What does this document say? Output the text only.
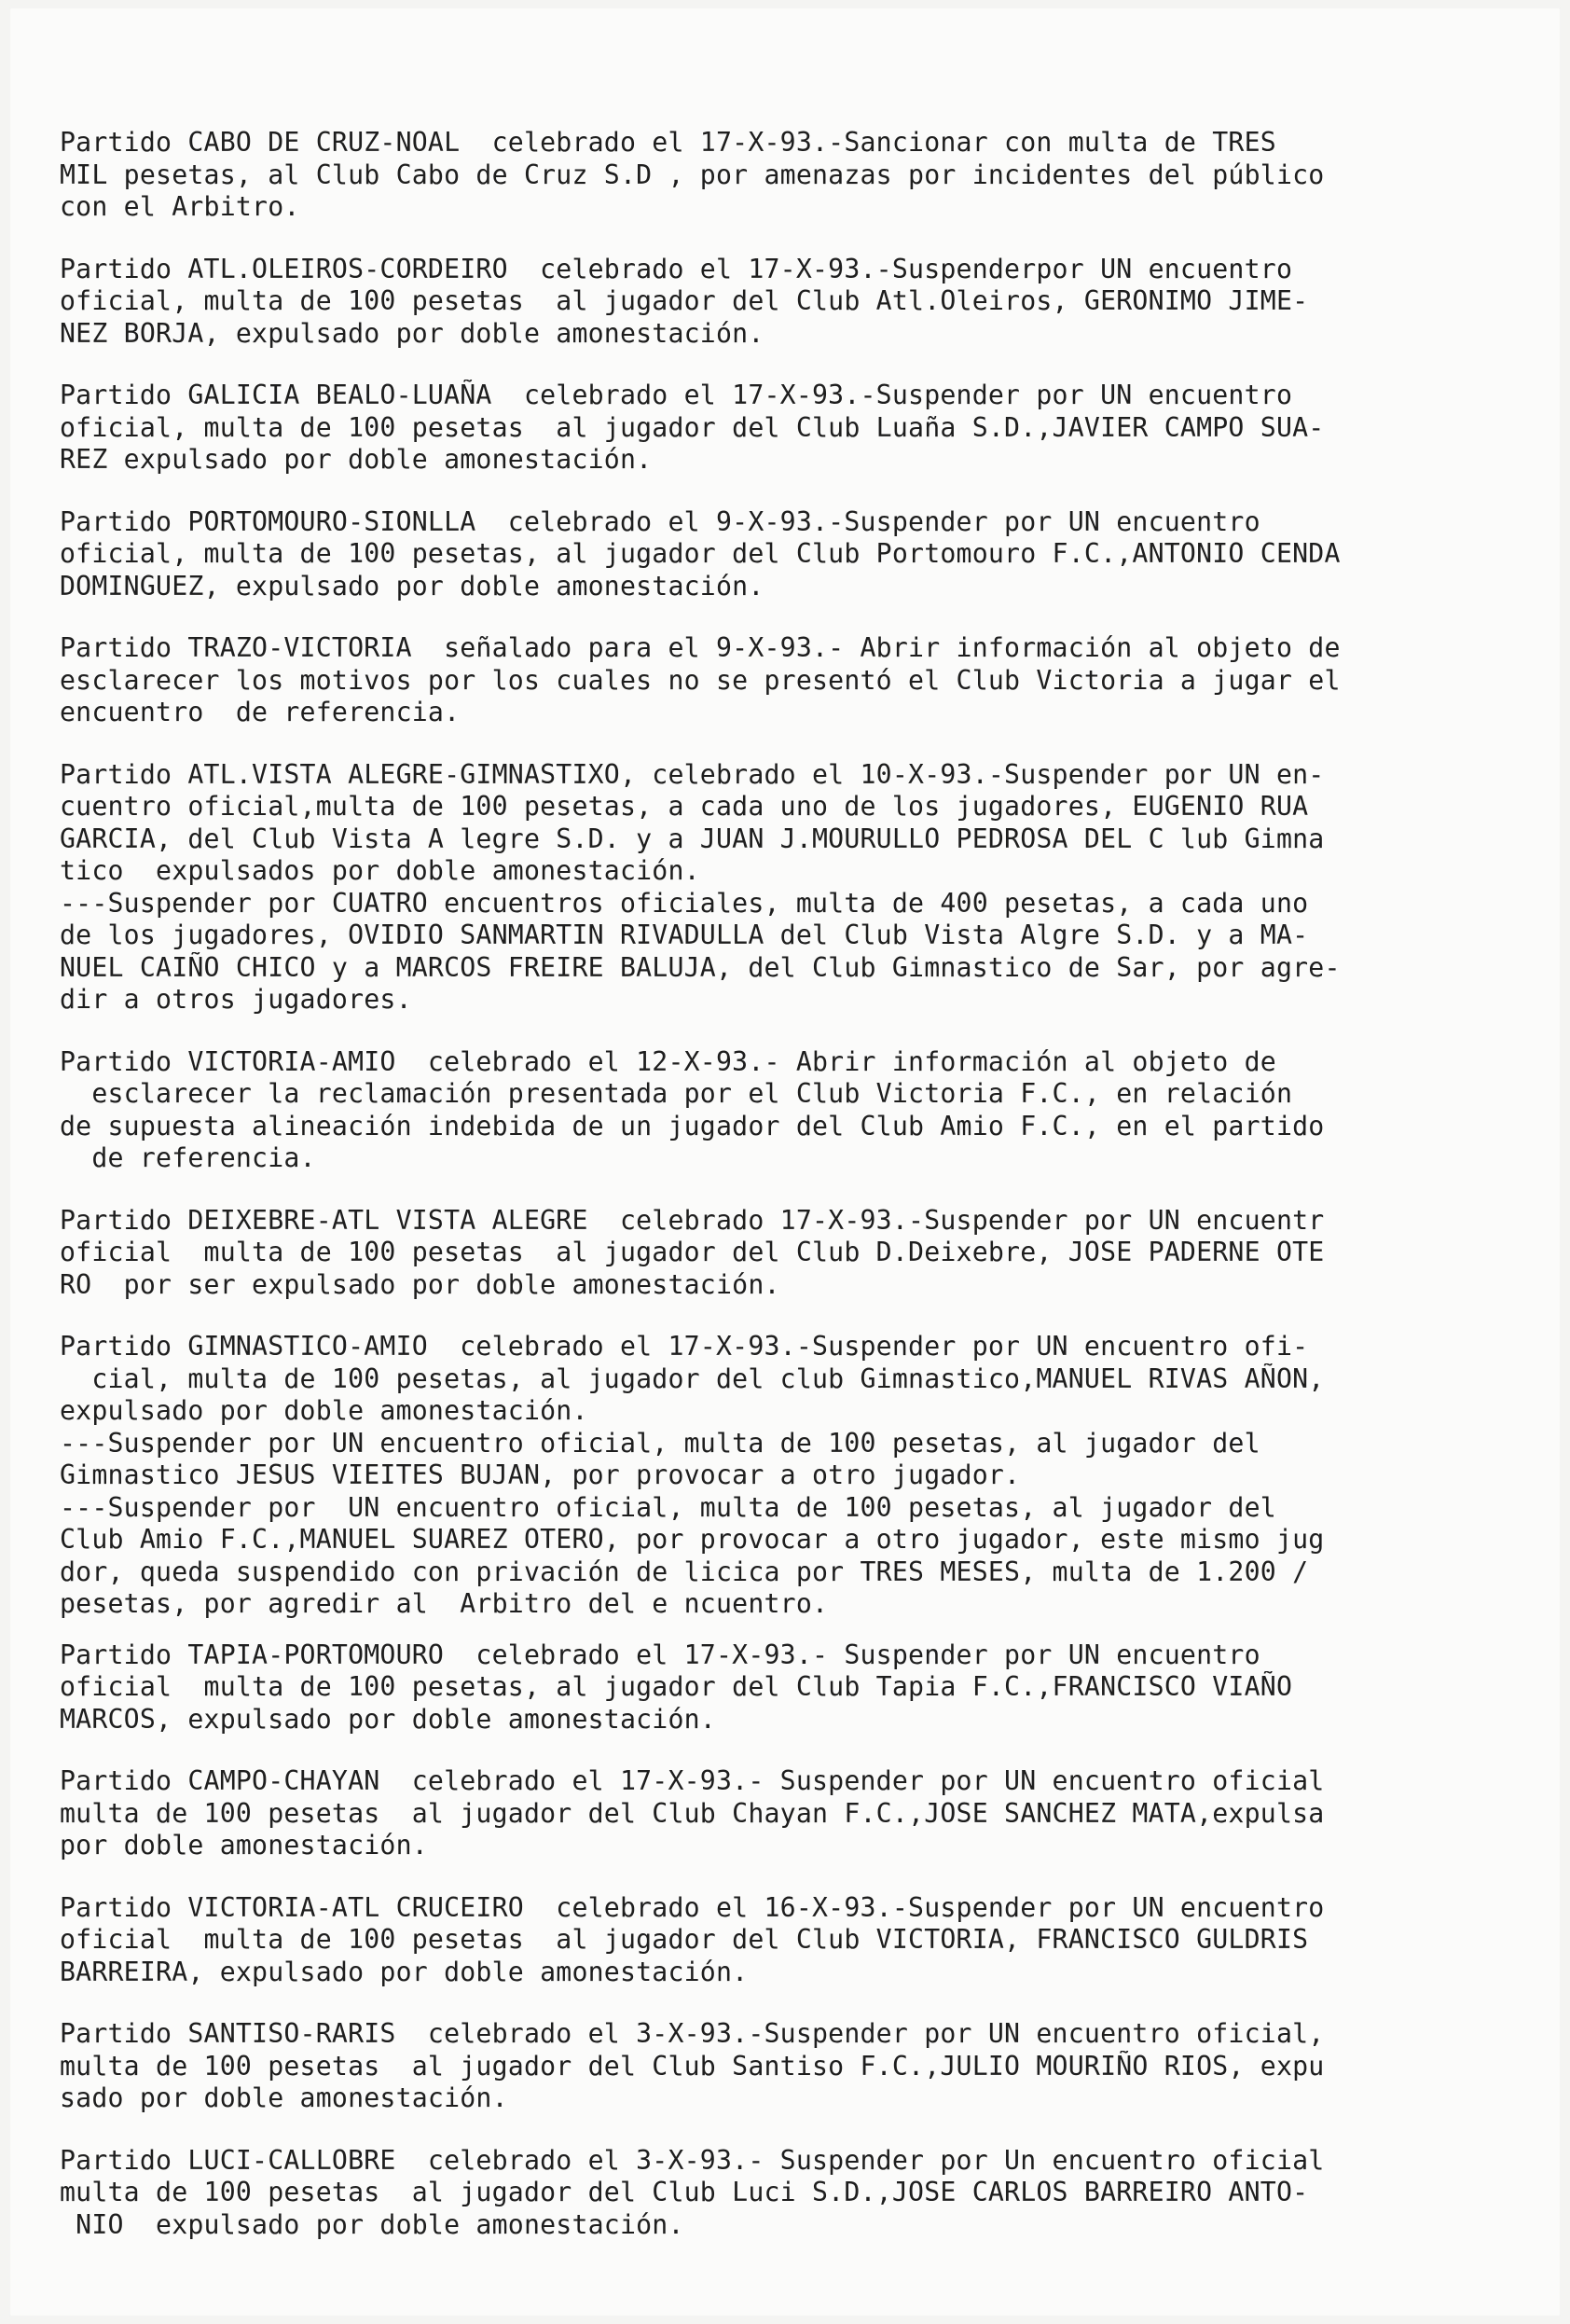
Partido CABO DE CRUZ-NOAL  celebrado el 17-X-93.-Sancionar con multa de TRES
MIL pesetas, al Club Cabo de Cruz S.D , por amenazas por incidentes del público
con el Arbitro.
Partido ATL.OLEIROS-CORDEIRO  celebrado el 17-X-93.-Suspenderpor UN encuentro
oficial, multa de 100 pesetas  al jugador del Club Atl.Oleiros, GERONIMO JIME-
NEZ BORJA, expulsado por doble amonestación.
Partido GALICIA BEALO-LUAÑA  celebrado el 17-X-93.-Suspender por UN encuentro
oficial, multa de 100 pesetas  al jugador del Club Luaña S.D.,JAVIER CAMPO SUA-
REZ expulsado por doble amonestación.
Partido PORTOMOURO-SIONLLA  celebrado el 9-X-93.-Suspender por UN encuentro
oficial, multa de 100 pesetas, al jugador del Club Portomouro F.C.,ANTONIO CENDA
DOMINGUEZ, expulsado por doble amonestación.
Partido TRAZO-VICTORIA  señalado para el 9-X-93.- Abrir información al objeto de
esclarecer los motivos por los cuales no se presentó el Club Victoria a jugar el
encuentro  de referencia.
Partido ATL.VISTA ALEGRE-GIMNASTIXO, celebrado el 10-X-93.-Suspender por UN en-
cuentro oficial,multa de 100 pesetas, a cada uno de los jugadores, EUGENIO RUA
GARCIA, del Club Vista A legre S.D. y a JUAN J.MOURULLO PEDROSA DEL C lub Gimna
tico  expulsados por doble amonestación.
---Suspender por CUATRO encuentros oficiales, multa de 400 pesetas, a cada uno
de los jugadores, OVIDIO SANMARTIN RIVADULLA del Club Vista Algre S.D. y a MA-
NUEL CAIÑO CHICO y a MARCOS FREIRE BALUJA, del Club Gimnastico de Sar, por agre-
dir a otros jugadores.
Partido VICTORIA-AMIO  celebrado el 12-X-93.- Abrir información al objeto de
esclarecer la reclamación presentada por el Club Victoria F.C., en relación
de supuesta alineación indebida de un jugador del Club Amio F.C., en el partido
de referencia.
Partido DEIXEBRE-ATL VISTA ALEGRE  celebrado 17-X-93.-Suspender por UN encuentr
oficial  multa de 100 pesetas  al jugador del Club D.Deixebre, JOSE PADERNE OTE
RO  por ser expulsado por doble amonestación.
Partido GIMNASTICO-AMIO  celebrado el 17-X-93.-Suspender por UN encuentro ofi-
cial, multa de 100 pesetas, al jugador del club Gimnastico,MANUEL RIVAS AÑON,
expulsado por doble amonestación.
---Suspender por UN encuentro oficial, multa de 100 pesetas, al jugador del
Gimnastico JESUS VIEITES BUJAN, por provocar a otro jugador.
---Suspender por  UN encuentro oficial, multa de 100 pesetas, al jugador del
Club Amio F.C.,MANUEL SUAREZ OTERO, por provocar a otro jugador, este mismo jug
dor, queda suspendido con privación de licica por TRES MESES, multa de 1.200 /
pesetas, por agredir al  Arbitro del e ncuentro.
Partido TAPIA-PORTOMOURO  celebrado el 17-X-93.- Suspender por UN encuentro
oficial  multa de 100 pesetas, al jugador del Club Tapia F.C.,FRANCISCO VIAÑO
MARCOS, expulsado por doble amonestación.
Partido CAMPO-CHAYAN  celebrado el 17-X-93.- Suspender por UN encuentro oficial
multa de 100 pesetas  al jugador del Club Chayan F.C.,JOSE SANCHEZ MATA,expulsa
por doble amonestación.
Partido VICTORIA-ATL CRUCEIRO  celebrado el 16-X-93.-Suspender por UN encuentro
oficial  multa de 100 pesetas  al jugador del Club VICTORIA, FRANCISCO GULDRIS
BARREIRA, expulsado por doble amonestación.
Partido SANTISO-RARIS  celebrado el 3-X-93.-Suspender por UN encuentro oficial,
multa de 100 pesetas  al jugador del Club Santiso F.C.,JULIO MOURIÑO RIOS, expu
sado por doble amonestación.
Partido LUCI-CALLOBRE  celebrado el 3-X-93.- Suspender por Un encuentro oficial
multa de 100 pesetas  al jugador del Club Luci S.D.,JOSE CARLOS BARREIRO ANTO-
NIO  expulsado por doble amonestación.
